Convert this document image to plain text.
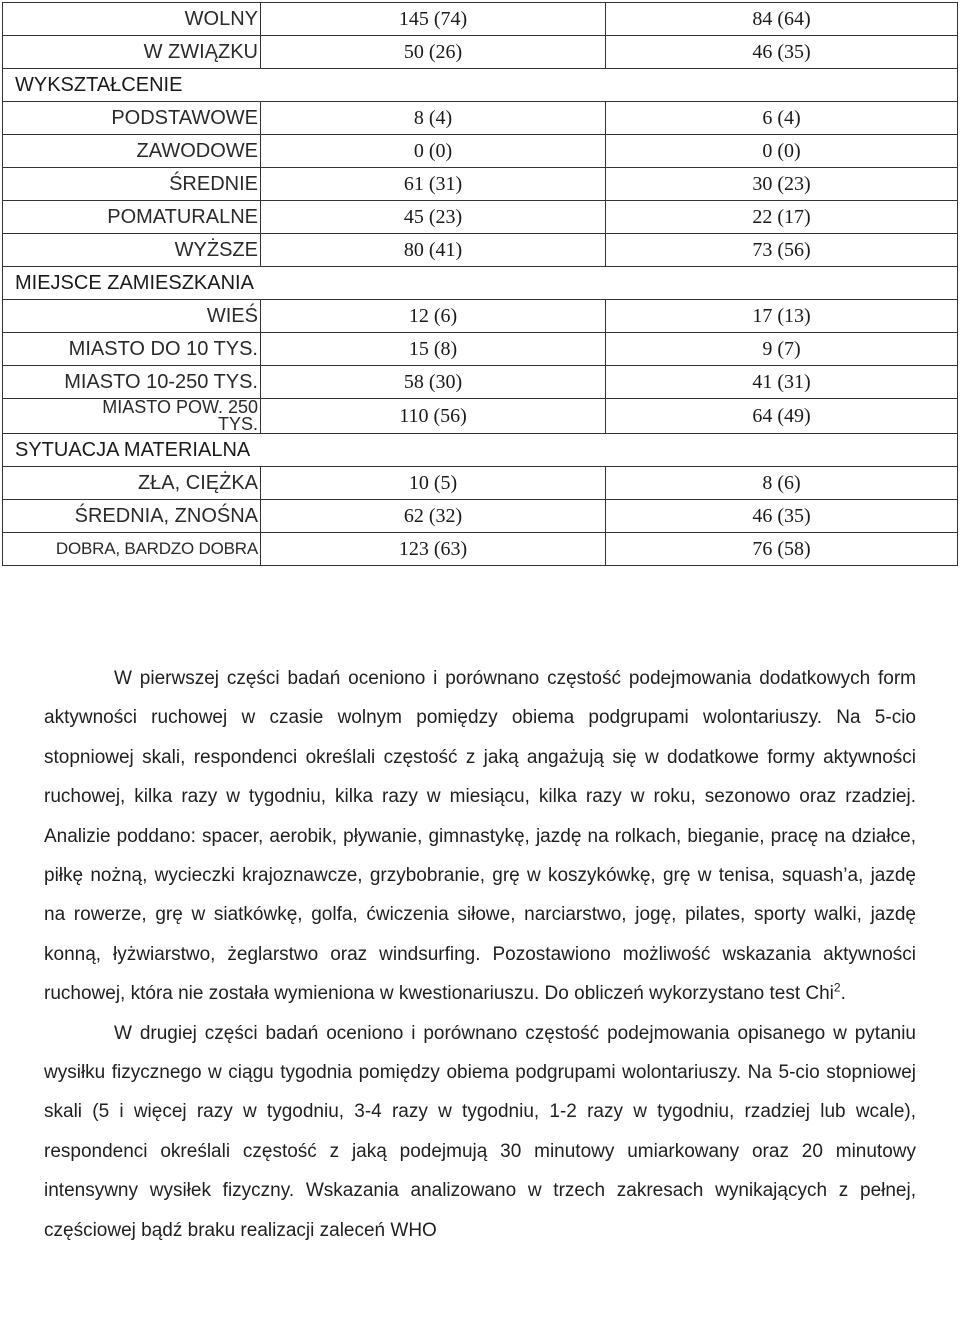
WOLNY	145 (74)	84 (64)
W ZWIĄZKU	50 (26)	46 (35)
WYKSZTAŁCENIE		
PODSTAWOWE	8 (4)	6 (4)
ZAWODOWE	0 (0)	0 (0)
ŚREDNIE	61 (31)	30 (23)
POMATURALNE	45 (23)	22 (17)
WYŻSZE	80 (41)	73 (56)
MIEJSCE ZAMIESZKANIA		
WIEŚ	12 (6)	17 (13)
MIASTO DO 10 TYS.	15 (8)	9 (7)
MIASTO 10-250 TYS.	58 (30)	41 (31)

MIASTO POW. 250
TYS.	110 (56)	64 (49)
SYTUACJA MATERIALNA		
ZŁA, CIĘŻKA	10 (5)	8 (6)
ŚREDNIA, ZNOŚNA	62 (32)	46 (35)
DOBRA, BARDZO DOBRA	123 (63)	76 (58)

W pierwszej części badań oceniono i porównano częstość podejmowania dodatkowych form aktywności ruchowej w czasie wolnym pomiędzy obiema podgrupami wolontariuszy. Na 5-cio stopniowej skali, respondenci określali częstość z jaką angażują się w dodatkowe formy aktywności ruchowej, kilka razy w tygodniu, kilka razy w miesiącu, kilka razy w roku, sezonowo oraz rzadziej. Analizie poddano: spacer, aerobik, pływanie, gimnastykę, jazdę na rolkach, bieganie, pracę na działce, piłkę nożną, wycieczki krajoznawcze, grzybobranie, grę w koszykówkę, grę w tenisa, squash’a, jazdę na rowerze, grę w siatkówkę, golfa, ćwiczenia siłowe, narciarstwo, jogę, pilates, sporty walki, jazdę konną, łyżwiarstwo, żeglarstwo oraz windsurfing. Pozostawiono możliwość wskazania aktywności ruchowej, która nie została wymieniona w kwestionariuszu. Do obliczeń wykorzystano test Chi$^2$.

W drugiej części badań oceniono i porównano częstość podejmowania opisanego w pytaniu wysiłku fizycznego w ciągu tygodnia pomiędzy obiema podgrupami wolontariuszy. Na 5-cio stopniowej skali (5 i więcej razy w tygodniu, 3-4 razy w tygodniu, 1-2 razy w tygodniu, rzadziej lub wcale), respondenci określali częstość z jaką podejmują 30 minutowy umiarkowany oraz 20 minutowy intensywny wysiłek fizyczny. Wskazania analizowano w trzech zakresach wynikających z pełnej, częściowej bądź braku realizacji zaleceń WHO
